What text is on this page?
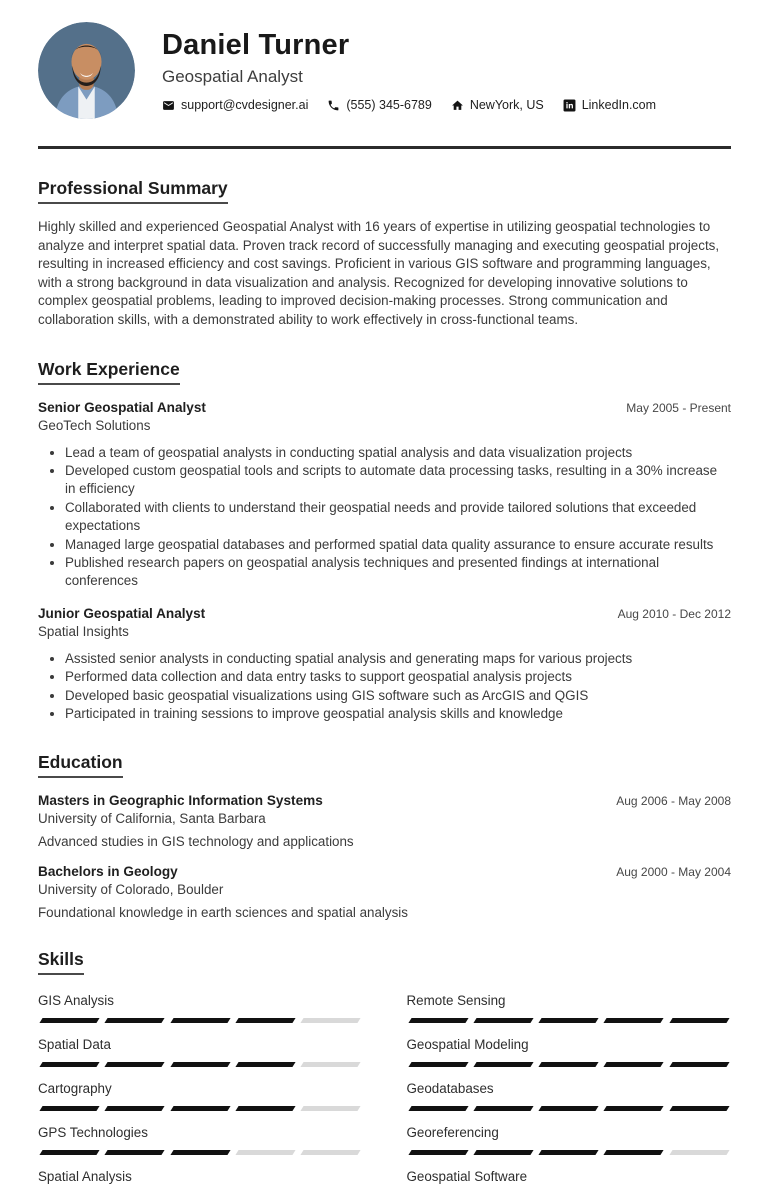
Daniel Turner
Geospatial Analyst
support@cvdesigner.ai	(555) 345-6789	NewYork, US	LinkedIn.com
Professional Summary

Highly skilled and experienced Geospatial Analyst with 16 years of expertise in utilizing geospatial technologies to analyze and interpret spatial data. Proven track record of successfully managing and executing geospatial projects, resulting in increased efficiency and cost savings. Proficient in various GIS software and programming languages, with a strong background in data visualization and analysis. Recognized for developing innovative solutions to complex geospatial problems, leading to improved decision-making processes. Strong communication and collaboration skills, with a demonstrated ability to work effectively in cross-functional teams.

Work Experience
Senior Geospatial Analyst	May 2005 - Present
GeoTech Solutions
• Lead a team of geospatial analysts in conducting spatial analysis and data visualization projects
• Developed custom geospatial tools and scripts to automate data processing tasks, resulting in a 30% increase in efficiency
• Collaborated with clients to understand their geospatial needs and provide tailored solutions that exceeded expectations
• Managed large geospatial databases and performed spatial data quality assurance to ensure accurate results
• Published research papers on geospatial analysis techniques and presented findings at international conferences
Junior Geospatial Analyst	Aug 2010 - Dec 2012
Spatial Insights
• Assisted senior analysts in conducting spatial analysis and generating maps for various projects
• Performed data collection and data entry tasks to support geospatial analysis projects
• Developed basic geospatial visualizations using GIS software such as ArcGIS and QGIS
• Participated in training sessions to improve geospatial analysis skills and knowledge
Education
Masters in Geographic Information Systems	Aug 2006 - May 2008
University of California, Santa Barbara
Advanced studies in GIS technology and applications
Bachelors in Geology	Aug 2000 - May 2004
University of Colorado, Boulder
Foundational knowledge in earth sciences and spatial analysis
Skills
GIS Analysis
Spatial Data
Cartography
GPS Technologies
Spatial Analysis
Remote Sensing
Geospatial Modeling
Geodatabases
Georeferencing
Geospatial Software
